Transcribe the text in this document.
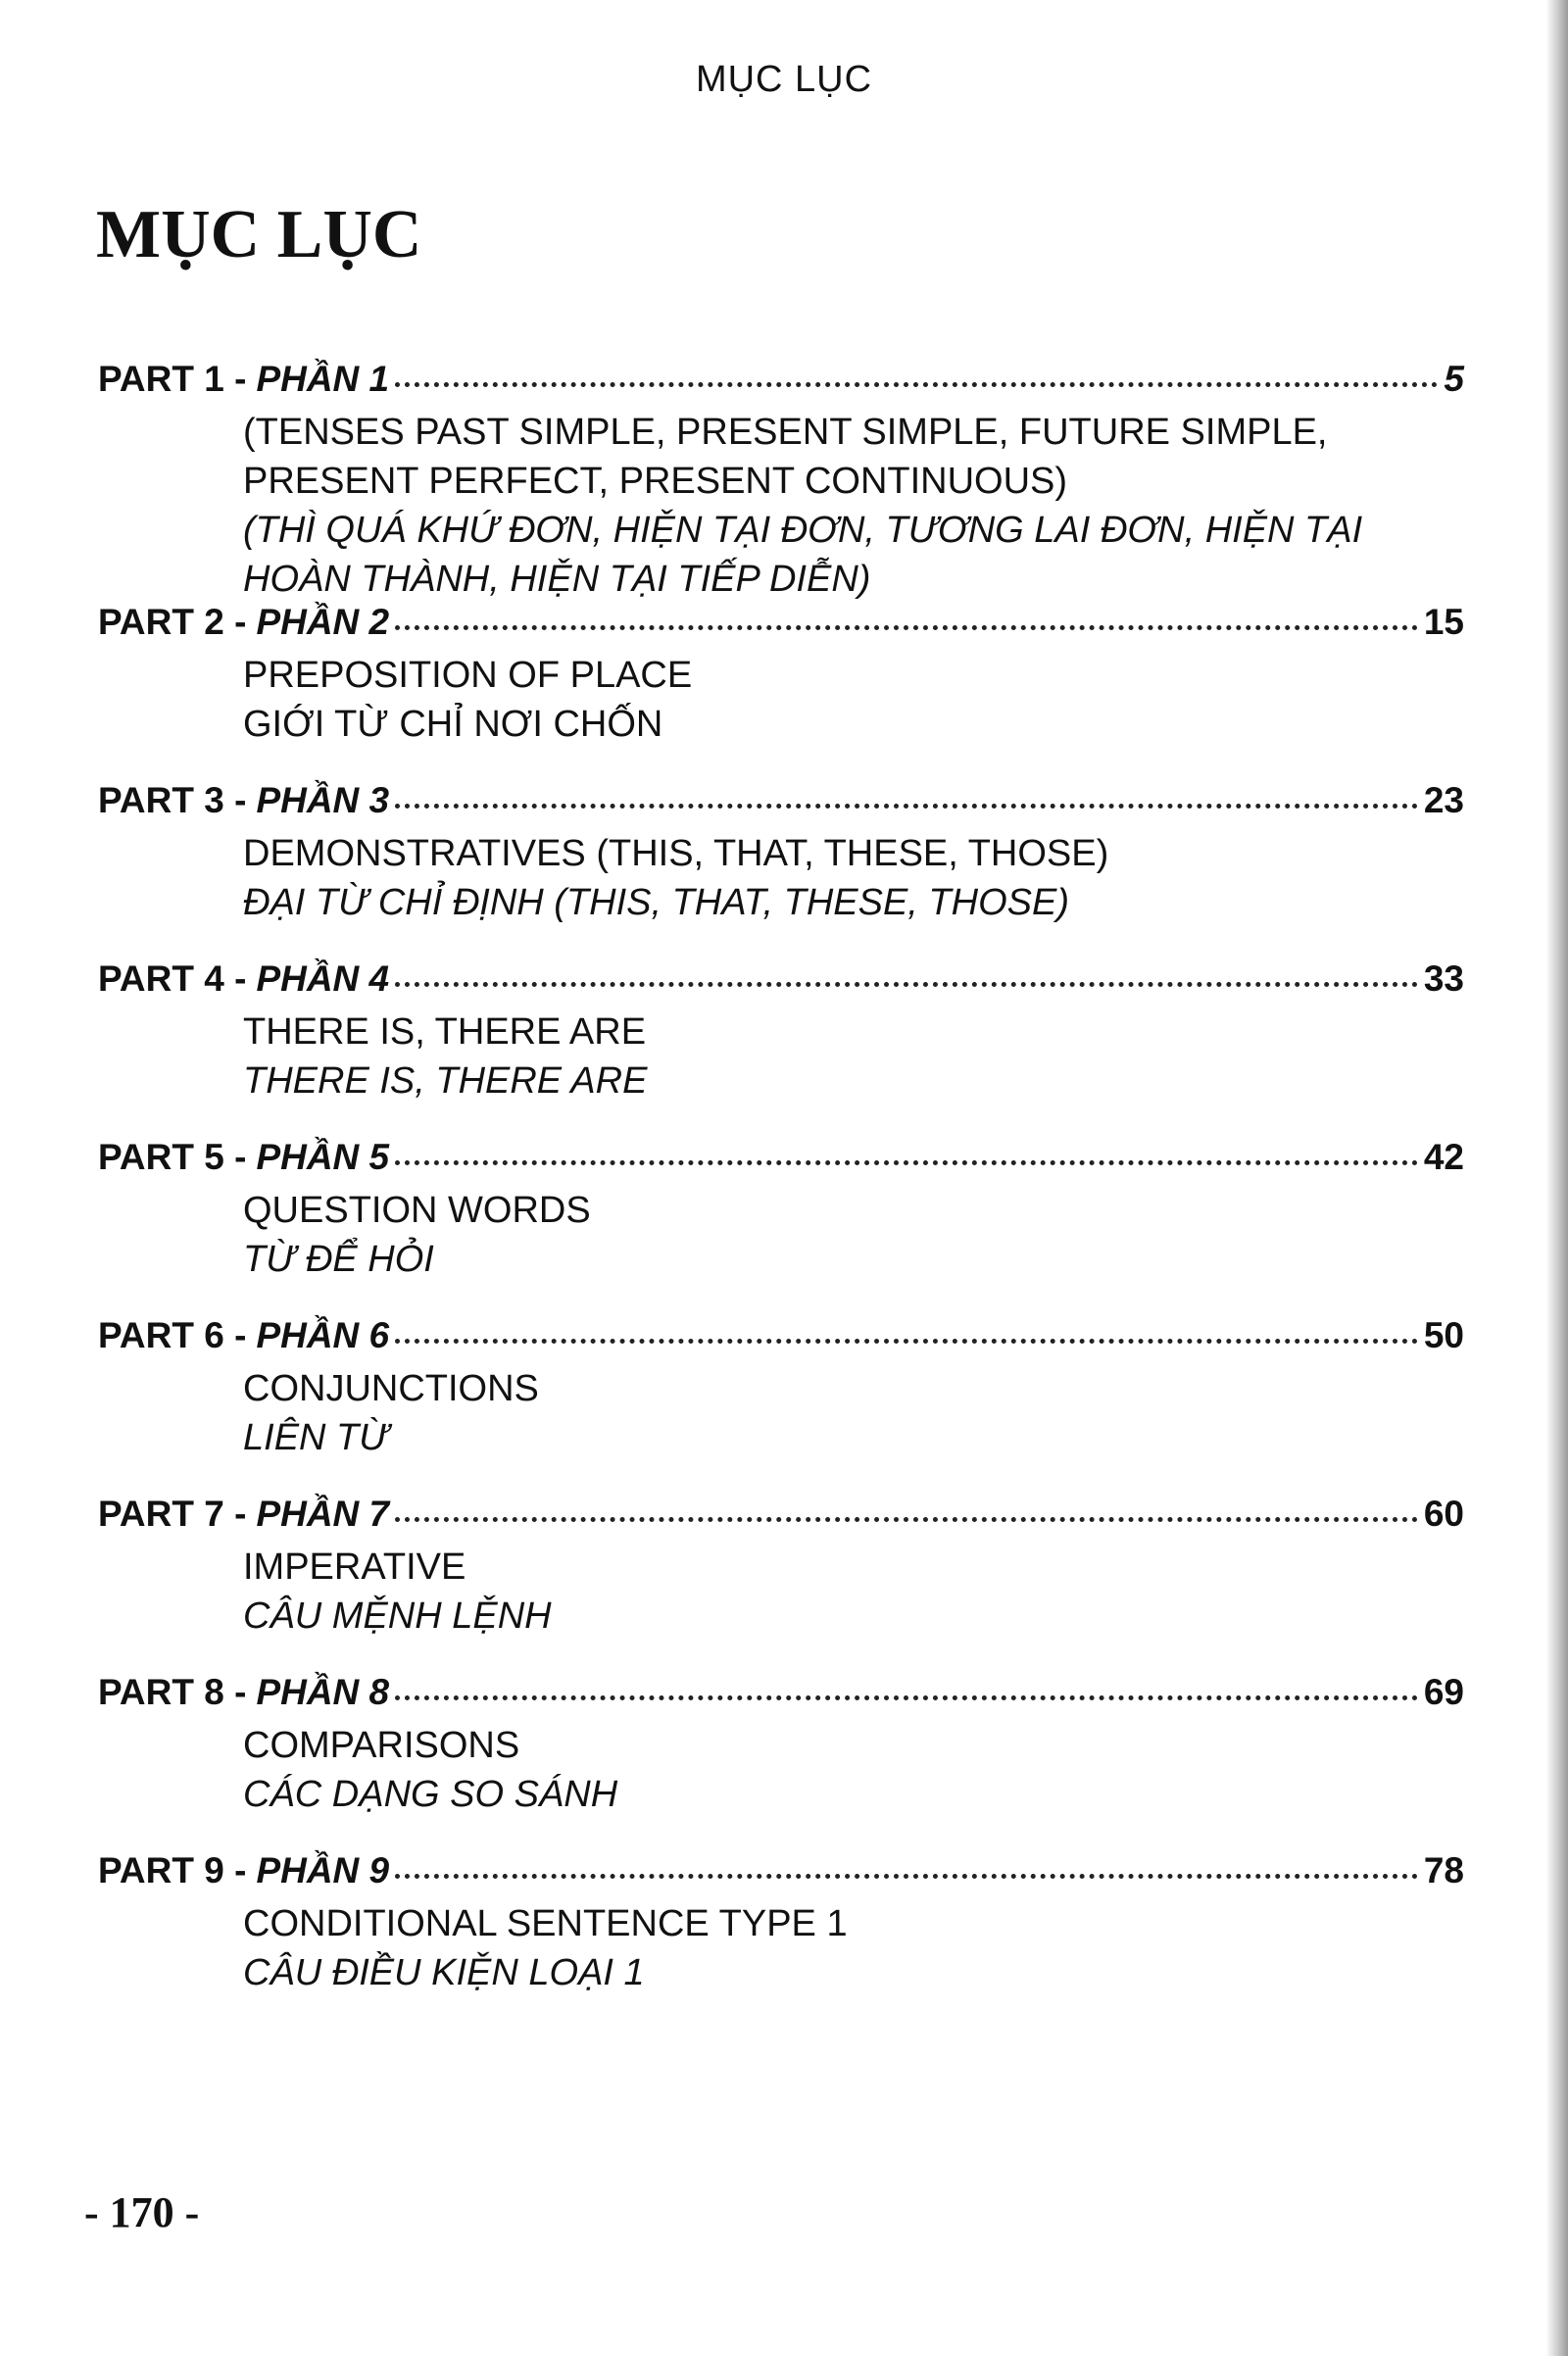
MỤC LỤC
MỤC LỤC
PART 1 - PHẦN 1	5
(TENSES PAST SIMPLE, PRESENT SIMPLE, FUTURE SIMPLE,
PRESENT PERFECT, PRESENT CONTINUOUS)
(THÌ QUÁ KHỨ ĐƠN, HIỆN TẠI ĐƠN, TƯƠNG LAI ĐƠN, HIỆN TẠI
HOÀN THÀNH, HIỆN TẠI TIẾP DIỄN)
PART 2 - PHẦN 2	15
PREPOSITION OF PLACE
GIỚI TỪ CHỈ NƠI CHỐN
PART 3 - PHẦN 3	23
DEMONSTRATIVES (THIS, THAT, THESE, THOSE)
ĐẠI TỪ CHỈ ĐỊNH (THIS, THAT, THESE, THOSE)
PART 4 - PHẦN 4	33
THERE IS, THERE ARE
THERE IS, THERE ARE
PART 5 - PHẦN 5	42
QUESTION WORDS
TỪ ĐỂ HỎI
PART 6 - PHẦN 6	50
CONJUNCTIONS
LIÊN TỪ
PART 7 - PHẦN 7	60
IMPERATIVE
CÂU MỆNH LỆNH
PART 8 - PHẦN 8	69
COMPARISONS
CÁC DẠNG SO SÁNH
PART 9 - PHẦN 9	78
CONDITIONAL SENTENCE TYPE 1
CÂU ĐIỀU KIỆN LOẠI 1
- 170 -
